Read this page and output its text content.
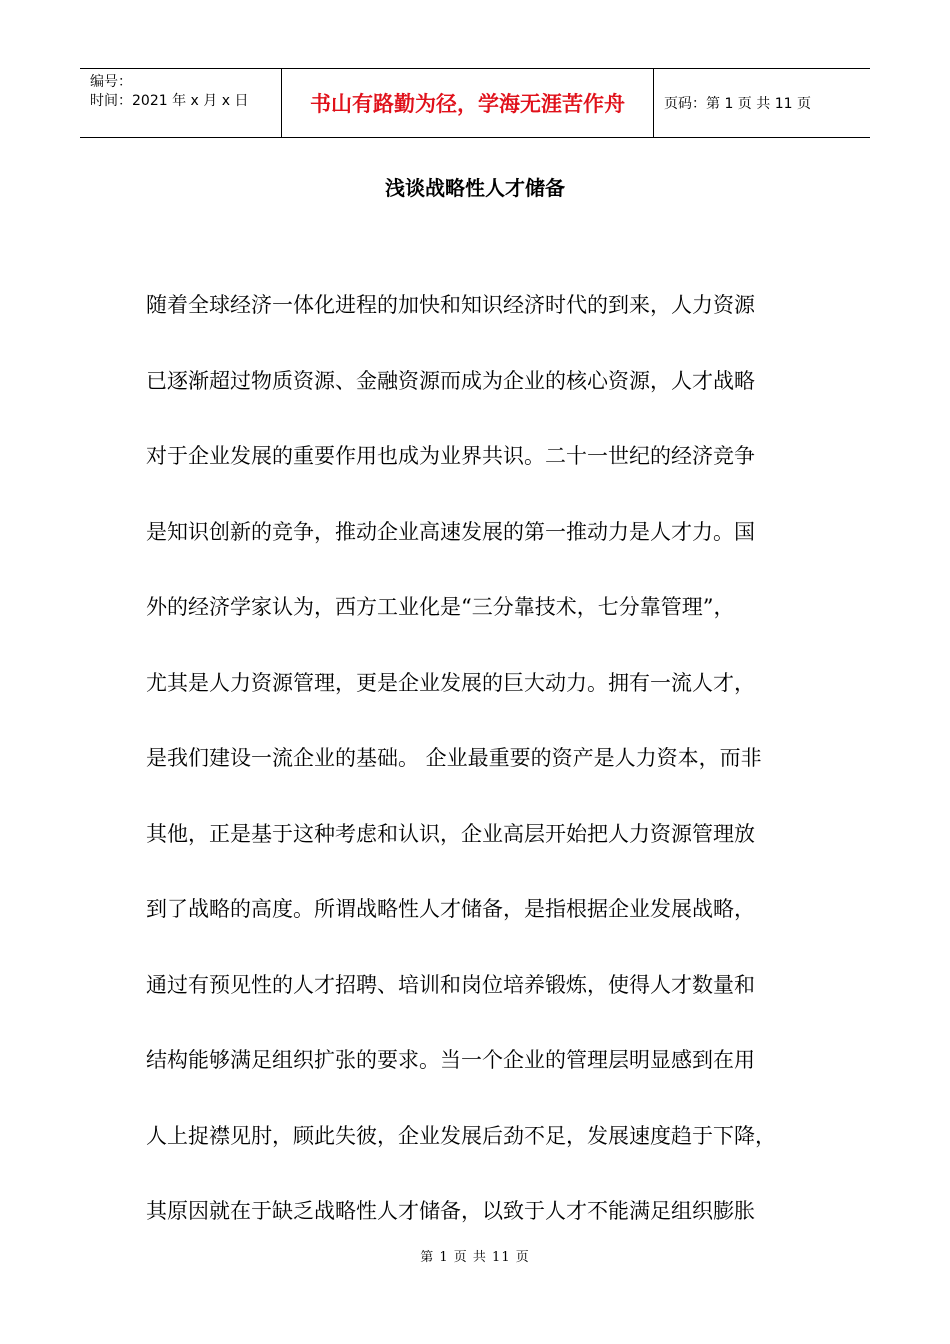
编号：
时间：2021 年 x 月 x 日	书山有路勤为径，学海无涯苦作舟	页码：第 1 页 共 11 页
浅谈战略性人才储备
随着全球经济一体化进程的加快和知识经济时代的到来，人力资源
已逐渐超过物质资源、金融资源而成为企业的核心资源，人才战略
对于企业发展的重要作用也成为业界共识。二十一世纪的经济竞争
是知识创新的竞争，推动企业高速发展的第一推动力是人才力。国
外的经济学家认为，西方工业化是“三分靠技术，七分靠管理”，
尤其是人力资源管理，更是企业发展的巨大动力。拥有一流人才，
是我们建设一流企业的基础。 企业最重要的资产是人力资本，而非
其他，正是基于这种考虑和认识，企业高层开始把人力资源管理放
到了战略的高度。所谓战略性人才储备，是指根据企业发展战略，
通过有预见性的人才招聘、培训和岗位培养锻炼，使得人才数量和
结构能够满足组织扩张的要求。当一个企业的管理层明显感到在用
人上捉襟见肘，顾此失彼，企业发展后劲不足，发展速度趋于下降，
其原因就在于缺乏战略性人才储备，以致于人才不能满足组织膨胀
第 1 页 共 11 页
